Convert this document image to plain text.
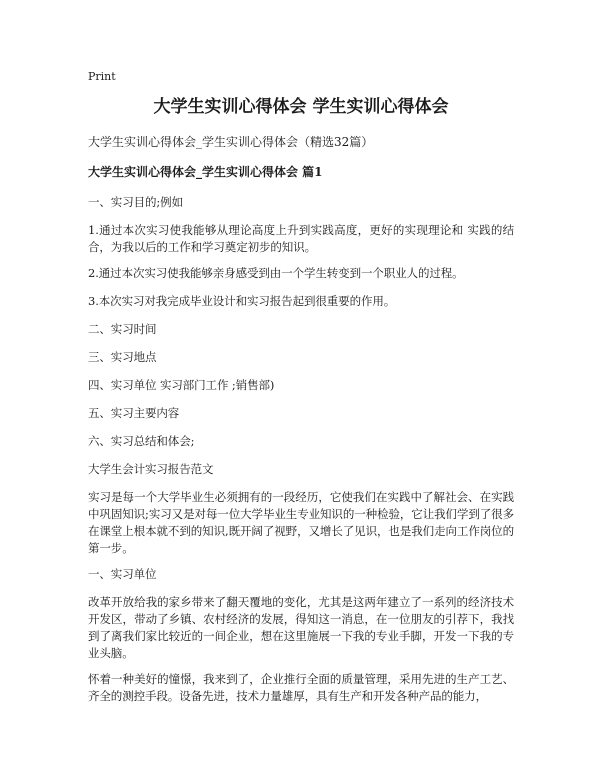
Print
大学生实训心得体会 学生实训心得体会

大学生实训心得体会_学生实训心得体会（精选32篇）

大学生实训心得体会_学生实训心得体会 篇1

一、实习目的;例如

1.通过本次实习使我能够从理论高度上升到实践高度，更好的实现理论和 实践的结合，为我以后的工作和学习奠定初步的知识。

2.通过本次实习使我能够亲身感受到由一个学生转变到一个职业人的过程。

3.本次实习对我完成毕业设计和实习报告起到很重要的作用。

二、实习时间

三、实习地点

四、实习单位 实习部门工作 ;销售部)

五、实习主要内容

六、实习总结和体会;

大学生会计实习报告范文

实习是每一个大学毕业生必须拥有的一段经历，它使我们在实践中了解社会、在实践中巩固知识;实习又是对每一位大学毕业生专业知识的一种检验，它让我们学到了很多在课堂上根本就不到的知识,既开阔了视野，又增长了见识，也是我们走向工作岗位的第一步。

一、实习单位

改革开放给我的家乡带来了翻天覆地的变化，尤其是这两年建立了一系列的经济技术开发区，带动了乡镇、农村经济的发展，得知这一消息，在一位朋友的引荐下，我找到了离我们家比较近的一间企业，想在这里施展一下我的专业手脚，开发一下我的专业头脑。

怀着一种美好的憧憬，我来到了，企业推行全面的质量管理，采用先进的生产工艺、齐全的测控手段。设备先进，技术力量雄厚，具有生产和开发各种产品的能力，
